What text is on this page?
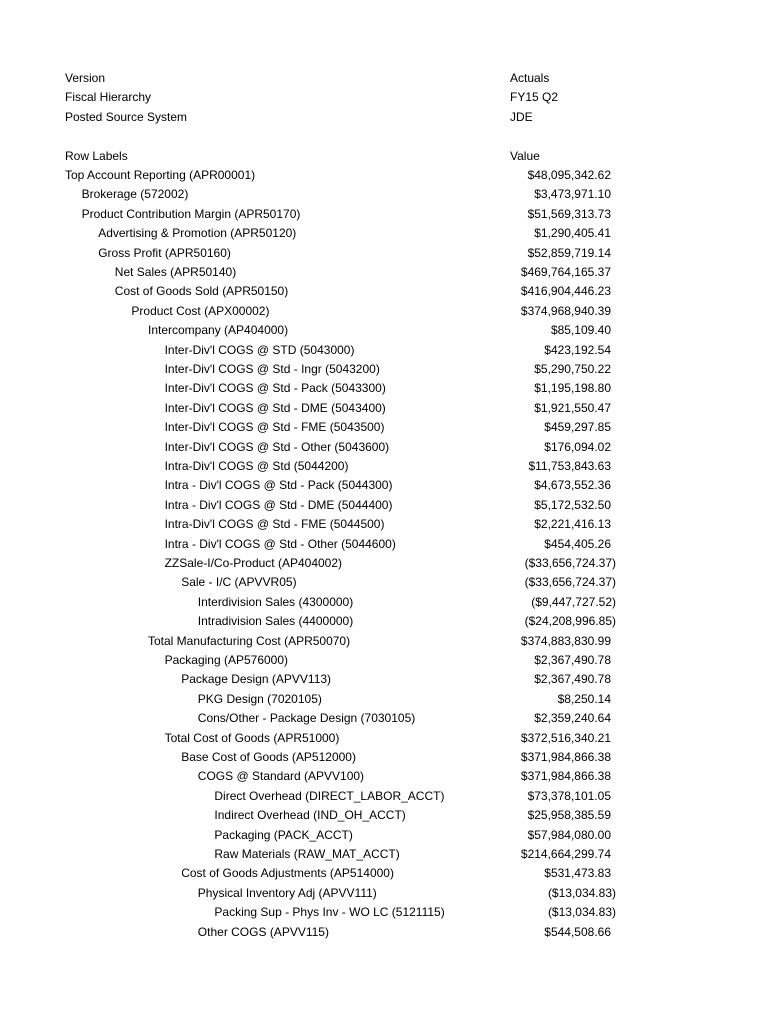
Version	Actuals
Fiscal Hierarchy	FY15 Q2
Posted Source System	JDE
Row Labels	Value
Top Account Reporting (APR00001)	$48,095,342.62
Brokerage (572002)	$3,473,971.10
Product Contribution Margin (APR50170)	$51,569,313.73
Advertising & Promotion (APR50120)	$1,290,405.41
Gross Profit (APR50160)	$52,859,719.14
Net Sales (APR50140)	$469,764,165.37
Cost of Goods Sold (APR50150)	$416,904,446.23
Product Cost (APX00002)	$374,968,940.39
Intercompany (AP404000)	$85,109.40
Inter-Div'l COGS @ STD (5043000)	$423,192.54
Inter-Div'l COGS @ Std - Ingr (5043200)	$5,290,750.22
Inter-Div'l COGS @ Std - Pack (5043300)	$1,195,198.80
Inter-Div'l COGS @ Std - DME (5043400)	$1,921,550.47
Inter-Div'l COGS @ Std - FME (5043500)	$459,297.85
Inter-Div'l COGS @ Std - Other (5043600)	$176,094.02
Intra-Div'l COGS @ Std (5044200)	$11,753,843.63
Intra - Div'l COGS @ Std - Pack (5044300)	$4,673,552.36
Intra - Div'l COGS @ Std - DME (5044400)	$5,172,532.50
Intra-Div'l COGS @ Std - FME (5044500)	$2,221,416.13
Intra - Div'l COGS @ Std - Other (5044600)	$454,405.26
ZZSale-I/Co-Product (AP404002)	($33,656,724.37)
Sale - I/C (APVVR05)	($33,656,724.37)
Interdivision Sales (4300000)	($9,447,727.52)
Intradivision Sales (4400000)	($24,208,996.85)
Total Manufacturing Cost (APR50070)	$374,883,830.99
Packaging (AP576000)	$2,367,490.78
Package Design (APVV113)	$2,367,490.78
PKG Design (7020105)	$8,250.14
Cons/Other - Package Design (7030105)	$2,359,240.64
Total Cost of Goods (APR51000)	$372,516,340.21
Base Cost of Goods (AP512000)	$371,984,866.38
COGS @ Standard (APVV100)	$371,984,866.38
Direct Overhead (DIRECT_LABOR_ACCT)	$73,378,101.05
Indirect Overhead (IND_OH_ACCT)	$25,958,385.59
Packaging (PACK_ACCT)	$57,984,080.00
Raw Materials (RAW_MAT_ACCT)	$214,664,299.74
Cost of Goods Adjustments (AP514000)	$531,473.83
Physical Inventory Adj (APVV111)	($13,034.83)
Packing Sup - Phys Inv - WO LC (5121115)	($13,034.83)
Other COGS (APVV115)	$544,508.66
